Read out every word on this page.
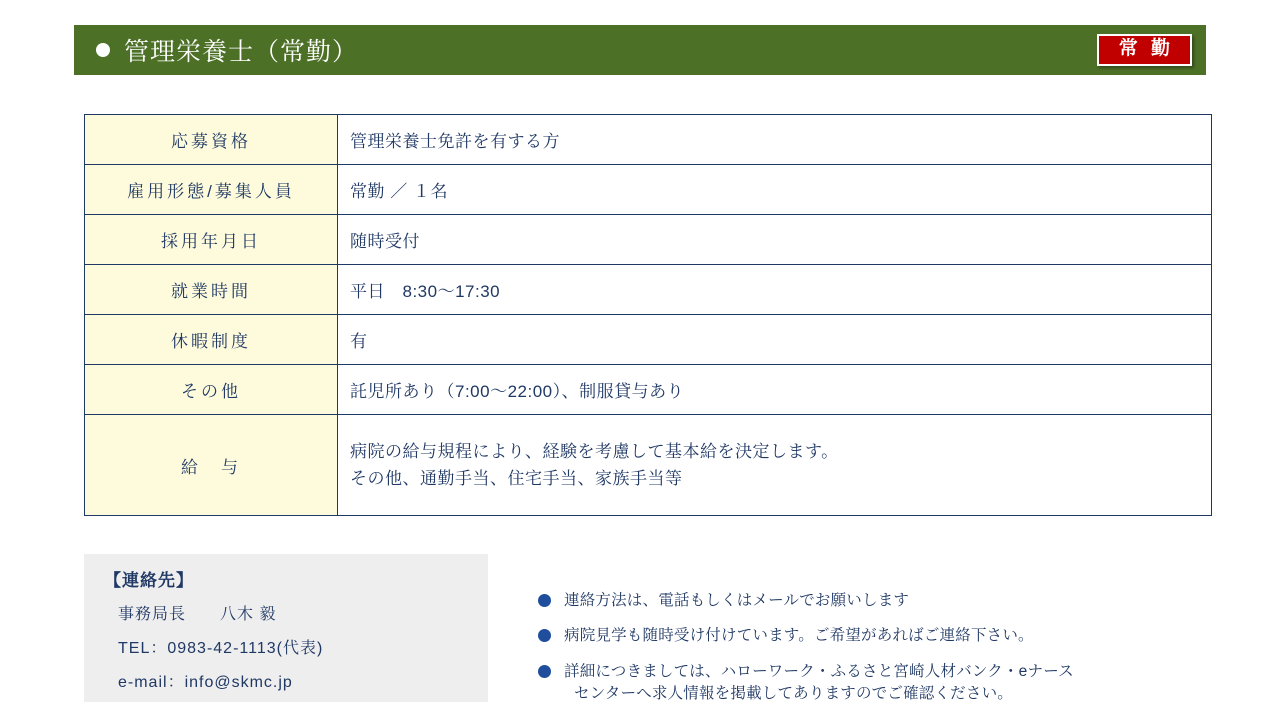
管理栄養士（常勤）	常 勤
応募資格	管理栄養士免許を有する方
雇用形態/募集人員	常勤 ／ １名
採用年月日	随時受付
就業時間	平日　8:30〜17:30
休暇制度	有
その他	託児所あり（7:00〜22:00）、制服貸与あり
給　与	病院の給与規程により、経験を考慮して基本給を決定します。
その他、通勤手当、住宅手当、家族手当等
【連絡先】
事務局長　　八木 毅
TEL：0983-42-1113(代表)
e-mail：info@skmc.jp
連絡方法は、電話もしくはメールでお願いします
病院見学も随時受け付けています。ご希望があればご連絡下さい。
詳細につきましては、ハローワーク・ふるさと宮崎人材バンク・eナース
センターへ求人情報を掲載してありますのでご確認ください。
